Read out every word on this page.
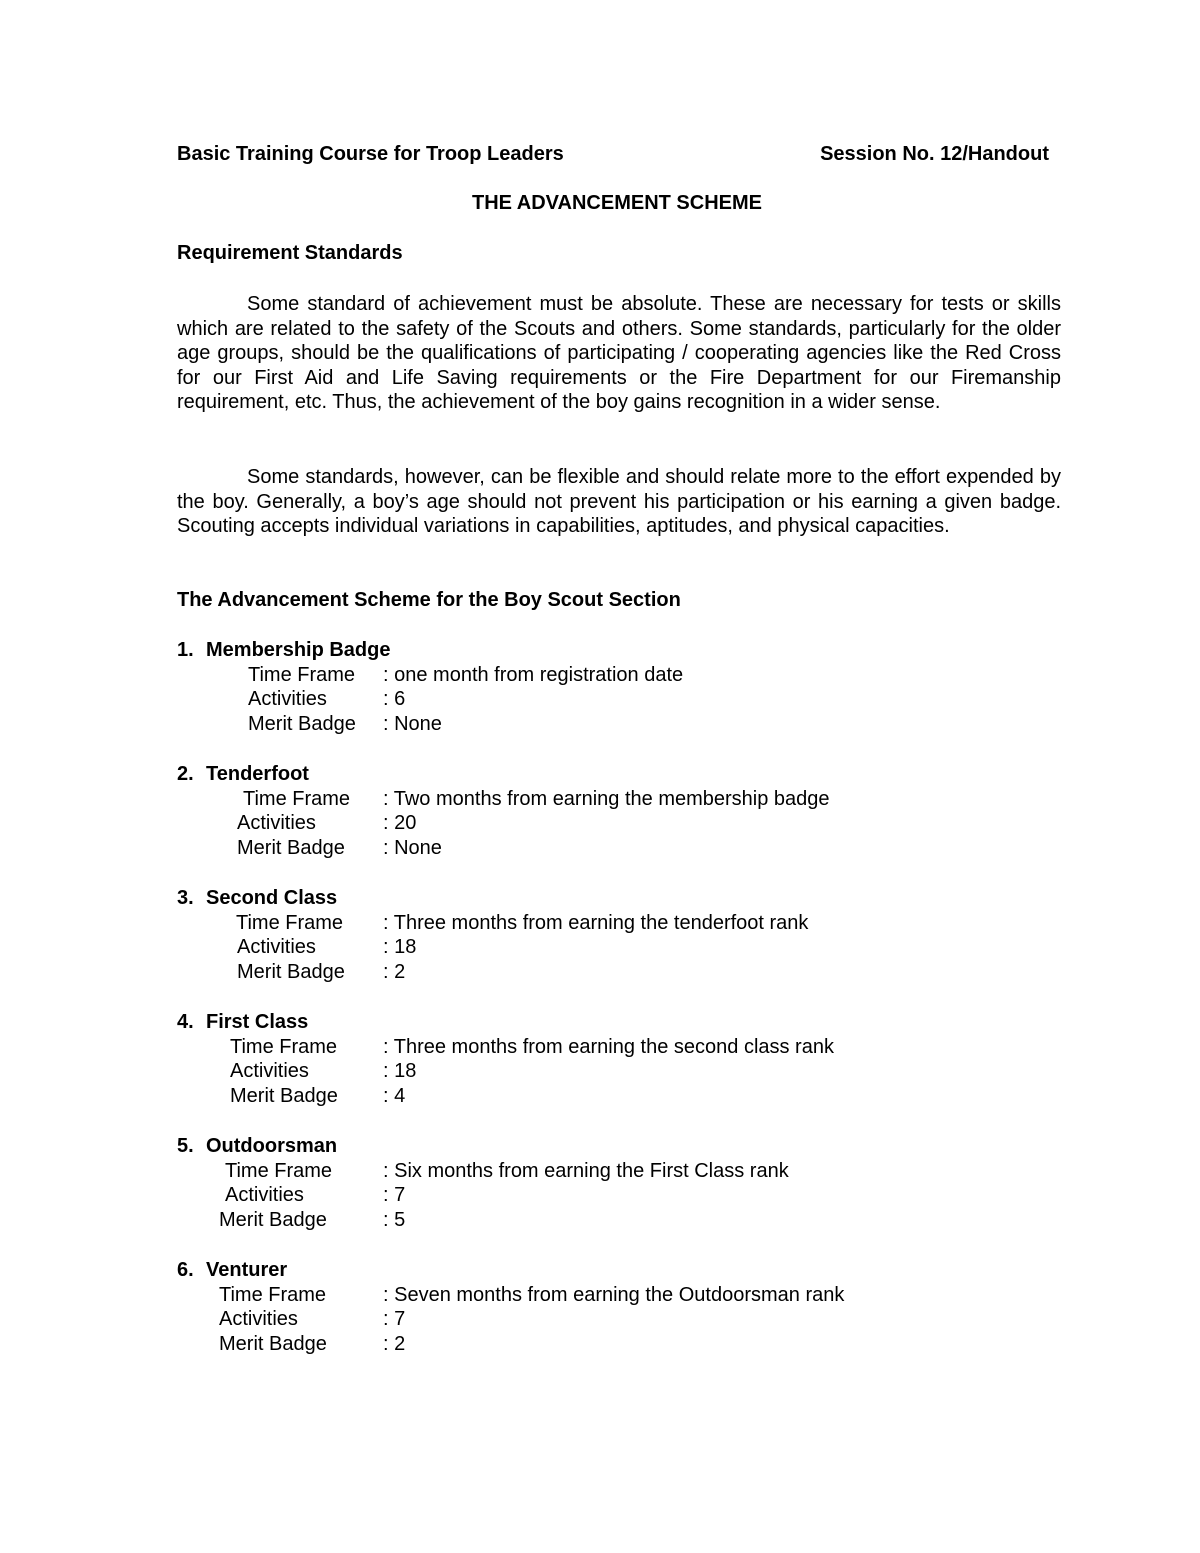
Basic Training Course for Troop Leaders	Session No. 12/Handout
THE ADVANCEMENT SCHEME
Requirement Standards

Some standard of achievement must be absolute. These are necessary for tests or skills which are related to the safety of the Scouts and others. Some standards, particularly for the older age groups, should be the qualifications of participating / cooperating agencies like the Red Cross for our First Aid and Life Saving requirements or the Fire Department for our Firemanship requirement, etc. Thus, the achievement of the boy gains recognition in a wider sense.

Some standards, however, can be flexible and should relate more to the effort expended by the boy. Generally, a boy’s age should not prevent his participation or his earning a given badge. Scouting accepts individual variations in capabilities, aptitudes, and physical capacities.

The Advancement Scheme for the Boy Scout Section
1. Membership Badge
Time Frame : one month from registration date
Activities	: 6
Merit Badge : None
2. Tenderfoot
Time Frame : Two months from earning the membership badge
Activities	: 20
Merit Badge : None
3. Second Class
Time Frame : Three months from earning the tenderfoot rank
Activities	: 18
Merit Badge : 2
4. First Class
Time Frame : Three months from earning the second class rank
Activities	: 18
Merit Badge : 4
5. Outdoorsman
Time Frame	: Six months from earning the First Class rank
Activities	: 7
Merit Badge	: 5
6. Venturer
Time Frame	: Seven months from earning the Outdoorsman rank
Activities	: 7
Merit Badge	: 2
